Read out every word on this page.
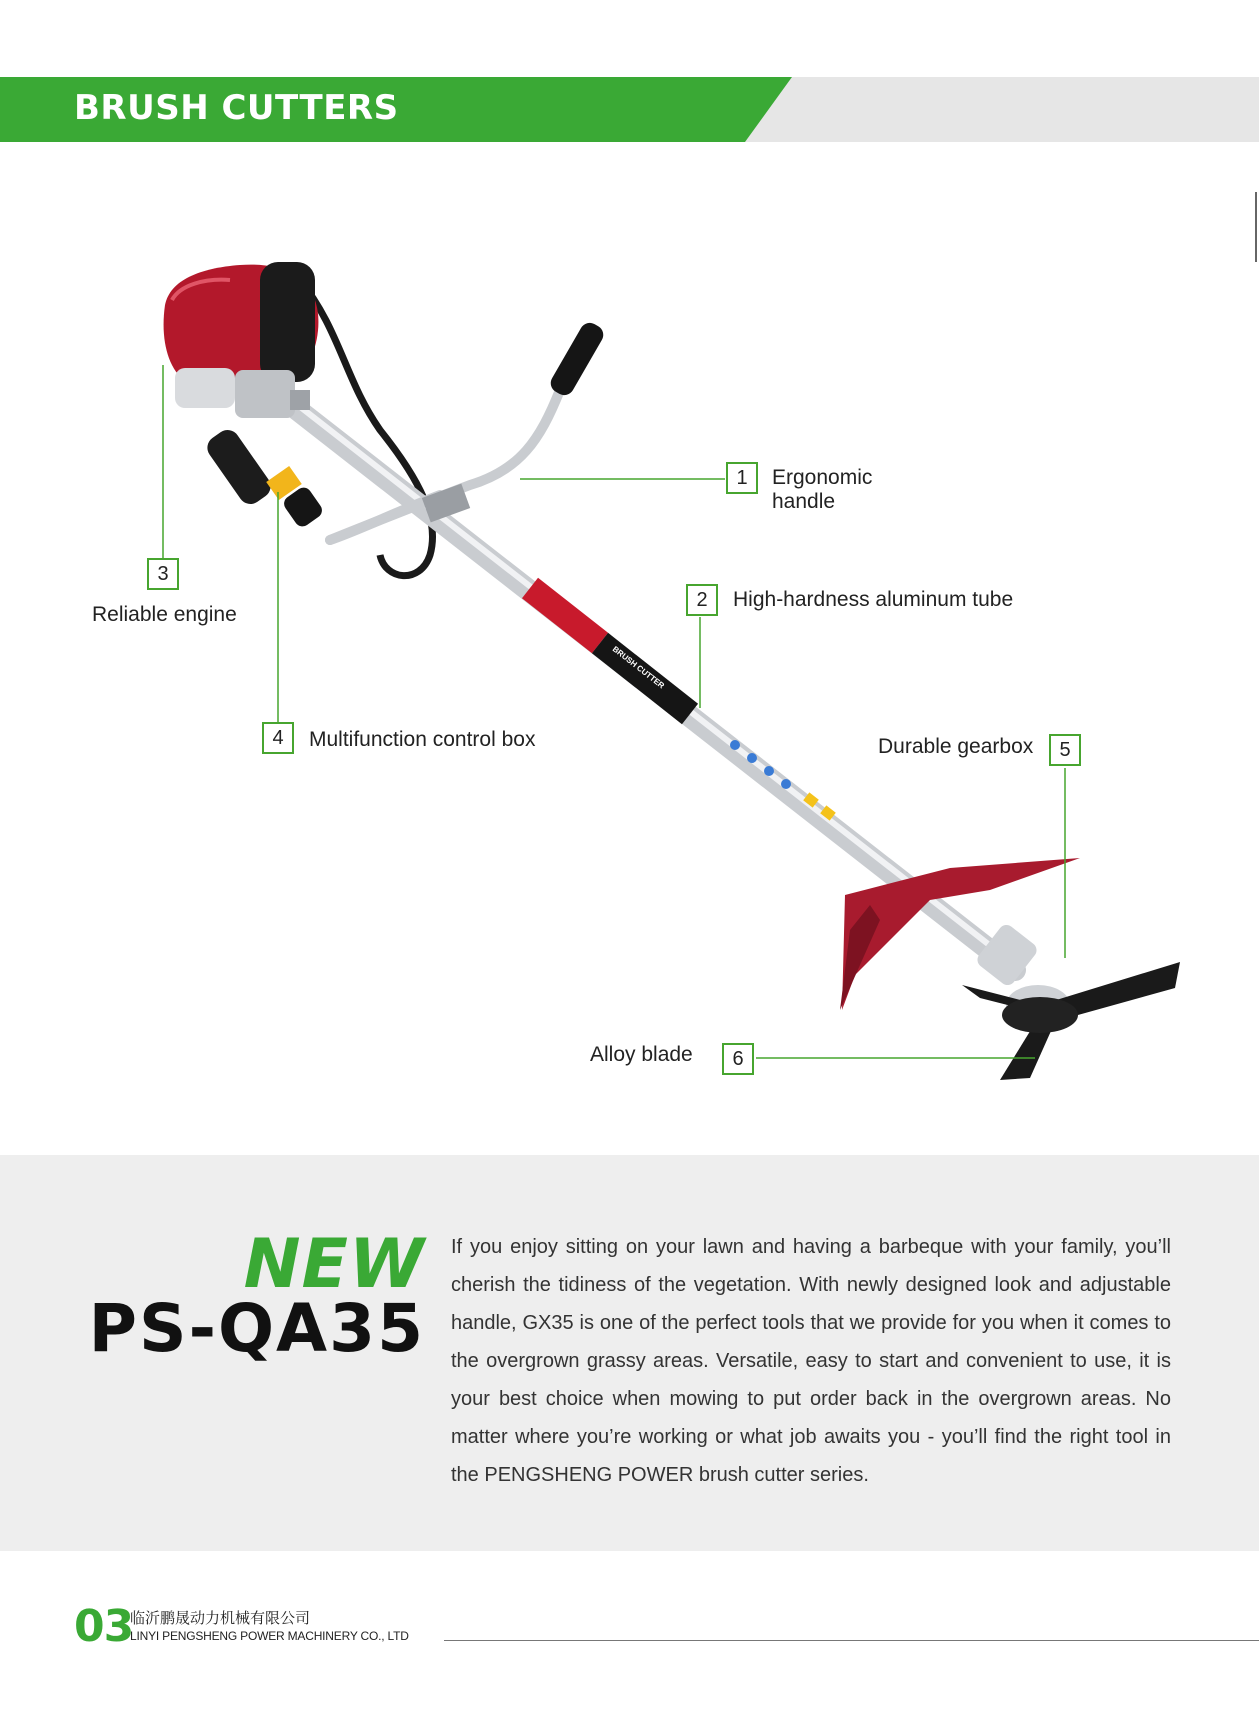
BRUSH CUTTERS
BRUSH CUTTER
1	Ergonomic
handle
2	High-hardness aluminum tube
3
Reliable engine
4	Multifunction control box	Durable gearbox	5
Alloy blade	6
NEW
PS-QA35
If you enjoy sitting on your lawn and having a barbeque with your family, you’ll cherish the tidiness of the vegetation. With newly designed look and adjustable handle, GX35 is one of the perfect tools that we provide for you when it comes to the overgrown grassy areas. Versatile, easy to start and convenient to use, it is your best choice when mowing to put order back in the overgrown areas. No matter where you’re working or what job awaits you - you’ll find the right tool in the PENGSHENG POWER brush cutter series.
03
临沂鹏晟动力机械有限公司
LINYI PENGSHENG POWER MACHINERY CO., LTD
